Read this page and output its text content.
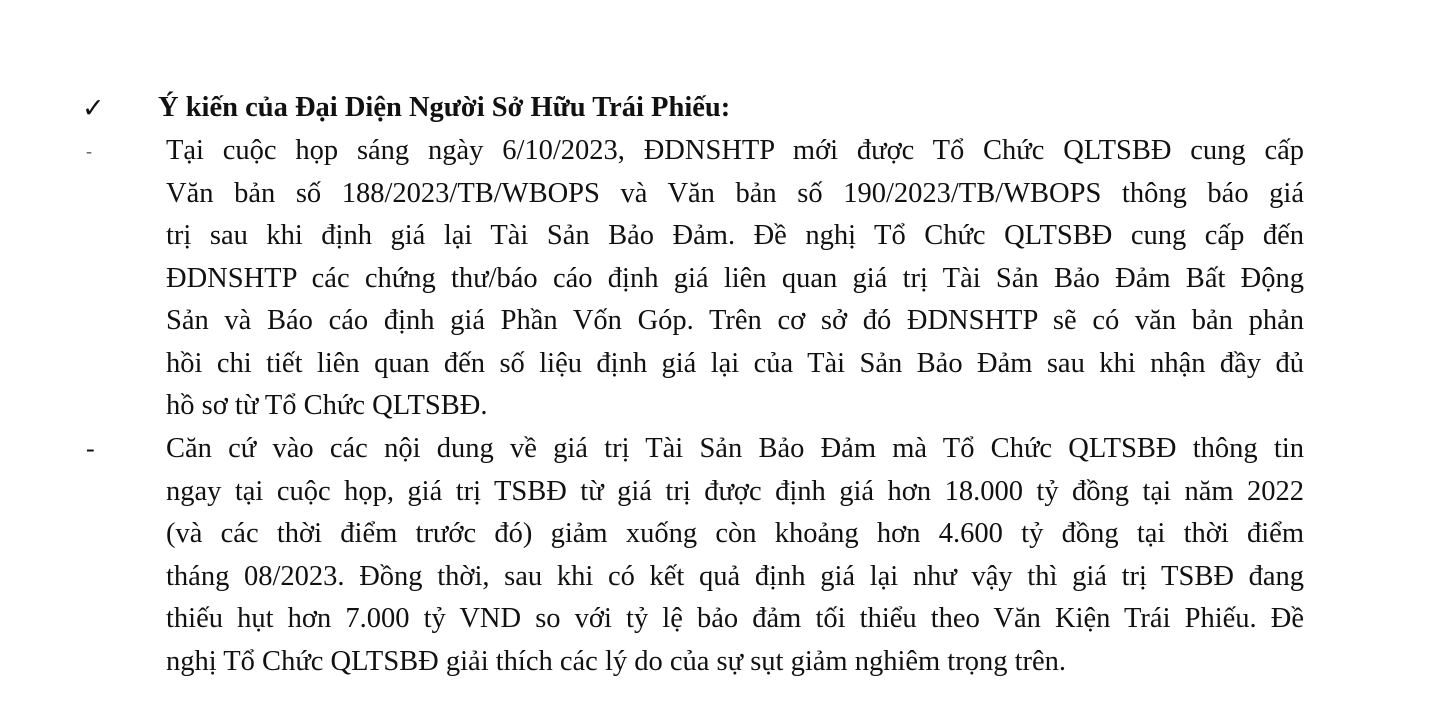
✓	Ý kiến của Đại Diện Người Sở Hữu Trái Phiếu:
-	Tại cuộc họp sáng ngày 6/10/2023, ĐDNSHTP mới được Tổ Chức QLTSBĐ cung cấp
Văn bản số 188/2023/TB/WBOPS và Văn bản số 190/2023/TB/WBOPS thông báo giá
trị sau khi định giá lại Tài Sản Bảo Đảm. Đề nghị Tổ Chức QLTSBĐ cung cấp đến
ĐDNSHTP các chứng thư/báo cáo định giá liên quan giá trị Tài Sản Bảo Đảm Bất Động
Sản và Báo cáo định giá Phần Vốn Góp. Trên cơ sở đó ĐDNSHTP sẽ có văn bản phản
hồi chi tiết liên quan đến số liệu định giá lại của Tài Sản Bảo Đảm sau khi nhận đầy đủ
hồ sơ từ Tổ Chức QLTSBĐ.
-	Căn cứ vào các nội dung về giá trị Tài Sản Bảo Đảm mà Tổ Chức QLTSBĐ thông tin
ngay tại cuộc họp, giá trị TSBĐ từ giá trị được định giá hơn 18.000 tỷ đồng tại năm 2022
(và các thời điểm trước đó) giảm xuống còn khoảng hơn 4.600 tỷ đồng tại thời điểm
tháng 08/2023. Đồng thời, sau khi có kết quả định giá lại như vậy thì giá trị TSBĐ đang
thiếu hụt hơn 7.000 tỷ VND so với tỷ lệ bảo đảm tối thiểu theo Văn Kiện Trái Phiếu. Đề
nghị Tổ Chức QLTSBĐ giải thích các lý do của sự sụt giảm nghiêm trọng trên.
